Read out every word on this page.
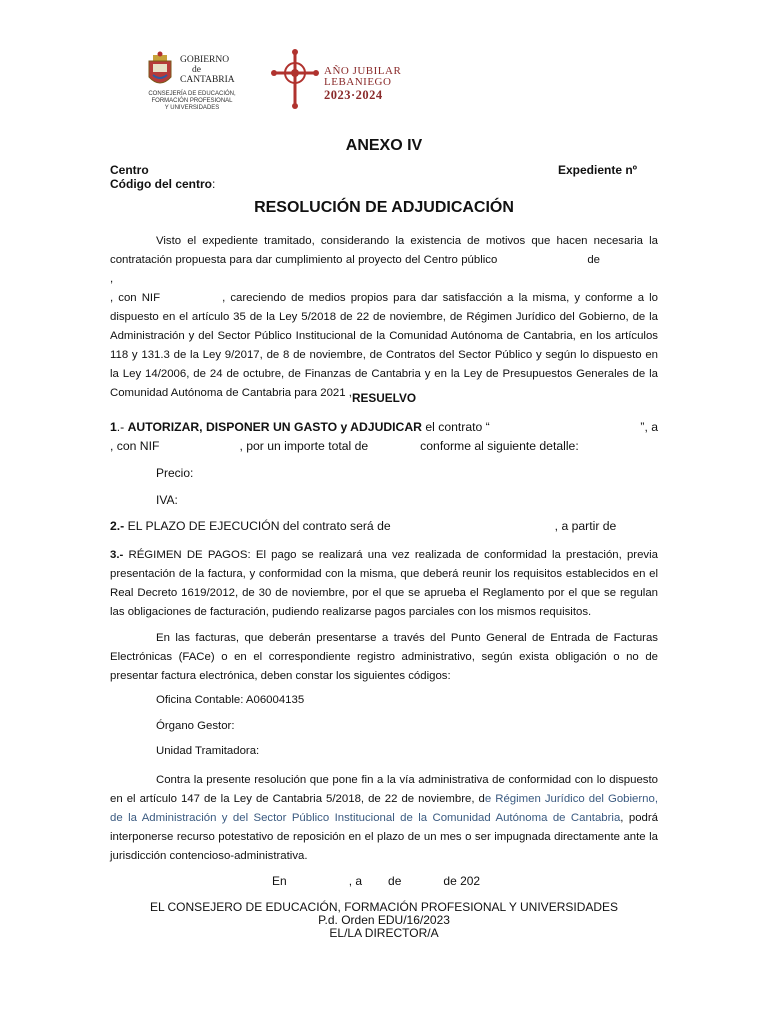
GOBIERNO
de
CANTABRIA
CONSEJERÍA DE EDUCACIÓN,
FORMACIÓN PROFESIONAL
Y UNIVERSIDADES
AÑO JUBILAR
LEBANIEGO
2023·2024
ANEXO IV
Centro	Expediente nº
Código del centro:
RESOLUCIÓN DE ADJUDICACIÓN

Visto el expediente tramitado, considerando la existencia de motivos que hacen necesaria la contratación propuesta para dar cumplimiento al proyecto del Centro público	de,

, con NIF	, careciendo de medios propios para dar satisfacción a la misma, y conforme a lo dispuesto en el artículo 35 de la Ley 5/2018 de 22 de noviembre, de Régimen Jurídico del Gobierno, de la Administración y del Sector Público Institucional de la Comunidad Autónoma de Cantabria, en los artículos 118 y 131.3 de la Ley 9/2017, de 8 de noviembre, de Contratos del Sector Público y según lo dispuesto en la Ley 14/2006, de 24 de octubre, de Finanzas de Cantabria y en la Ley de Presupuestos Generales de la Comunidad Autónoma de Cantabria para 2021 , RESUELVO
1 .- AUTORIZAR, DISPONER UN GASTO y ADJUDICAR el contrato “	”, a
, con NIF	, por un importe total de	conforme al siguiente detalle:
Precio:
IVA:
2.- EL PLAZO DE EJECUCIÓN del contrato será de	, a partir de

3.- RÉGIMEN DE PAGOS: El pago se realizará una vez realizada de conformidad la prestación, previa presentación de la factura, y conformidad con la misma, que deberá reunir los requisitos establecidos en el Real Decreto 1619/2012, de 30 de noviembre, por el que se aprueba el Reglamento por el que se regulan las obligaciones de facturación, pudiendo realizarse pagos parciales con los mismos requisitos.

En las facturas, que deberán presentarse a través del Punto General de Entrada de Facturas Electrónicas (FACe) o en el correspondiente registro administrativo, según exista obligación o no de presentar factura electrónica, deben constar los siguientes códigos:

Oficina Contable: A06004135
Órgano Gestor:
Unidad Tramitadora:

Contra la presente resolución que pone fin a la vía administrativa de conformidad con lo dispuesto en el artículo 147 de la Ley de Cantabria 5/2018, de 22 de noviembre, de Régimen Jurídico del Gobierno, de la Administración y del Sector Público Institucional de la Comunidad Autónoma de Cantabria, podrá interponerse recurso potestativo de reposición en el plazo de un mes o ser impugnada directamente ante la jurisdicción contencioso-administrativa.

En	, a de	de 202
EL CONSEJERO DE EDUCACIÓN, FORMACIÓN PROFESIONAL Y UNIVERSIDADES
P.d. Orden EDU/16/2023
EL/LA DIRECTOR/A
